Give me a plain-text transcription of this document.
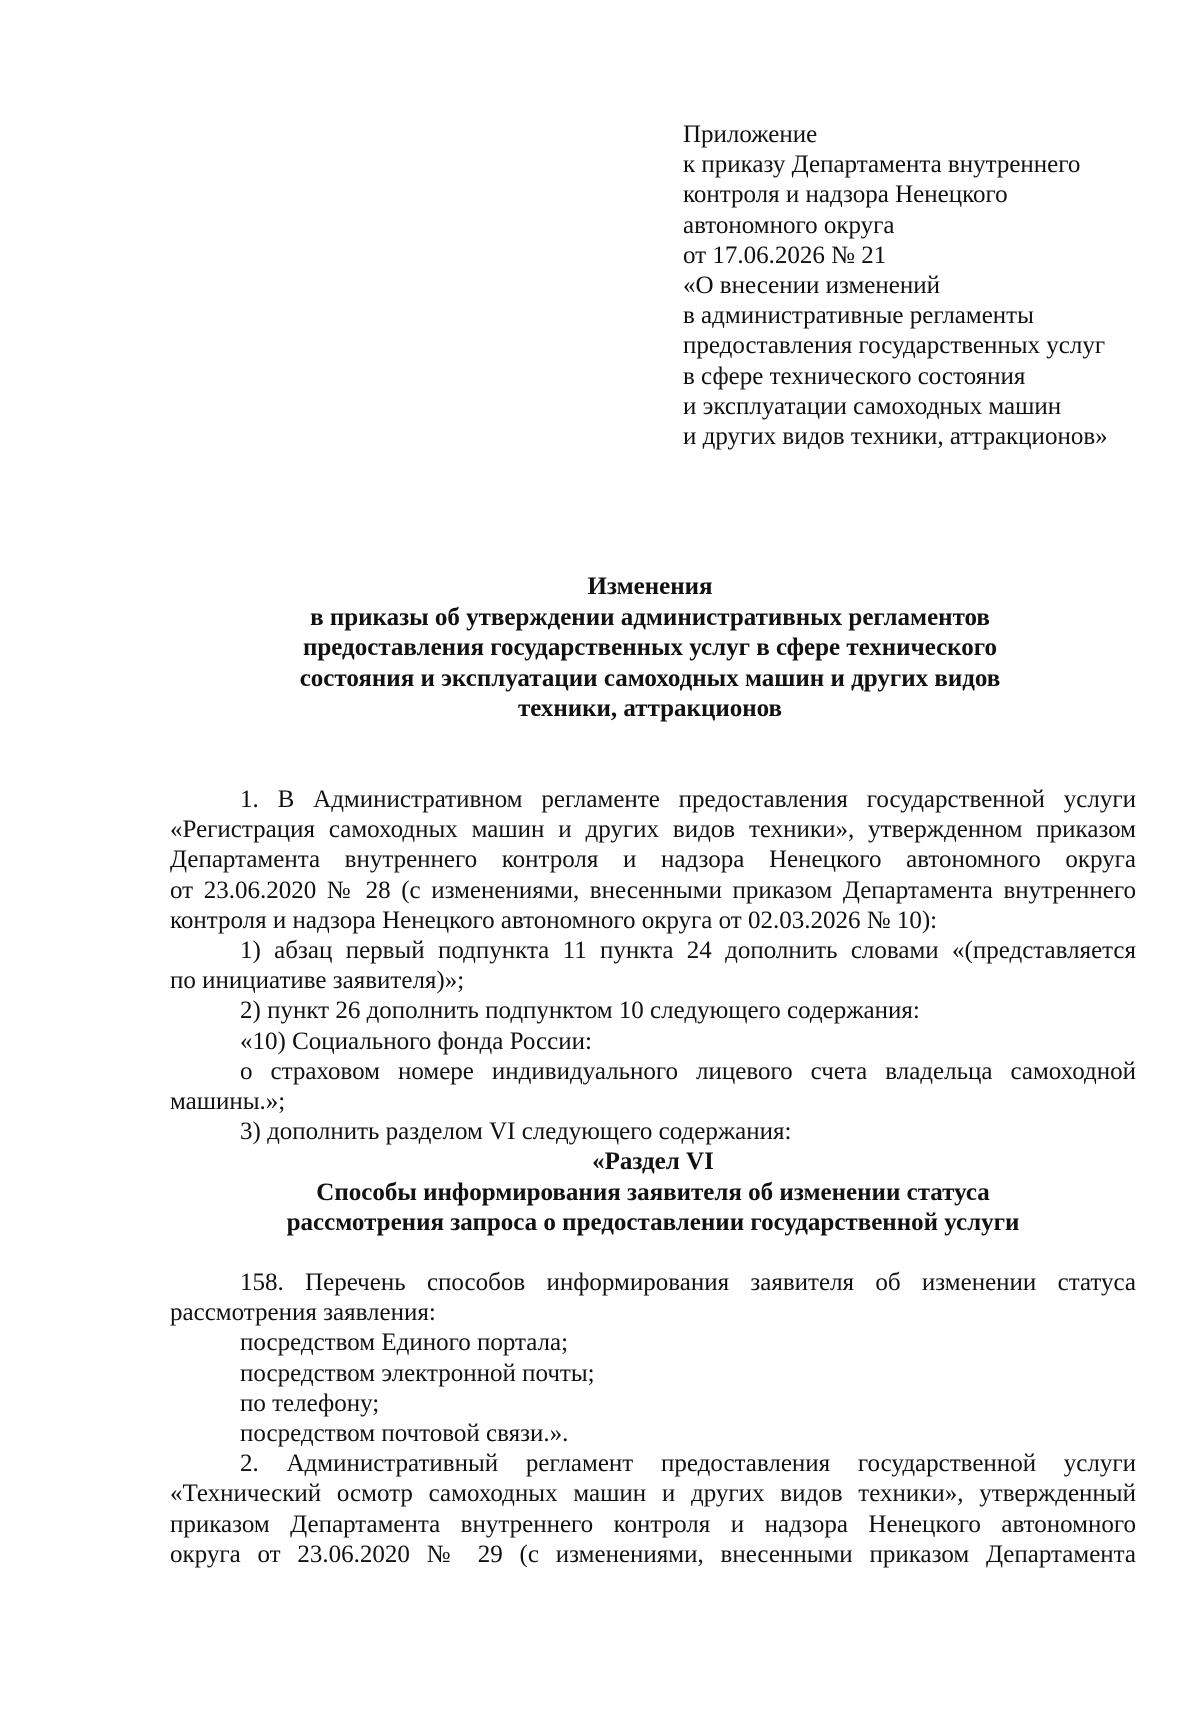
Приложение
к приказу Департамента внутреннего
контроля и надзора Ненецкого
автономного округа
от 17.06.2026 № 21
«О внесении изменений
в административные регламенты
предоставления государственных услуг
в сфере технического состояния
и эксплуатации самоходных машин
и других видов техники, аттракционов»
Изменения
в приказы об утверждении административных регламентов
предоставления государственных услуг в сфере технического
состояния и эксплуатации самоходных машин и других видов
техники, аттракционов
1. В Административном регламенте предоставления государственной услуги
«Регистрация самоходных машин и других видов техники», утвержденном приказом
Департамента внутреннего контроля и надзора Ненецкого автономного округа
от 23.06.2020 № 28 (с изменениями, внесенными приказом Департамента внутреннего
контроля и надзора Ненецкого автономного округа от 02.03.2026 № 10):
1) абзац первый подпункта 11 пункта 24 дополнить словами «(представляется
по инициативе заявителя)»;
2) пункт 26 дополнить подпунктом 10 следующего содержания:
«10) Социального фонда России:
о страховом номере индивидуального лицевого счета владельца самоходной
машины.»;
3) дополнить разделом VI следующего содержания:
«Раздел VI
Способы информирования заявителя об изменении статуса
рассмотрения запроса о предоставлении государственной услуги
158. Перечень способов информирования заявителя об изменении статуса
рассмотрения заявления:
посредством Единого портала;
посредством электронной почты;
по телефону;
посредством почтовой связи.».
2. Административный регламент предоставления государственной услуги
«Технический осмотр самоходных машин и других видов техники», утвержденный
приказом Департамента внутреннего контроля и надзора Ненецкого автономного
округа от 23.06.2020 № 29 (с изменениями, внесенными приказом Департамента
